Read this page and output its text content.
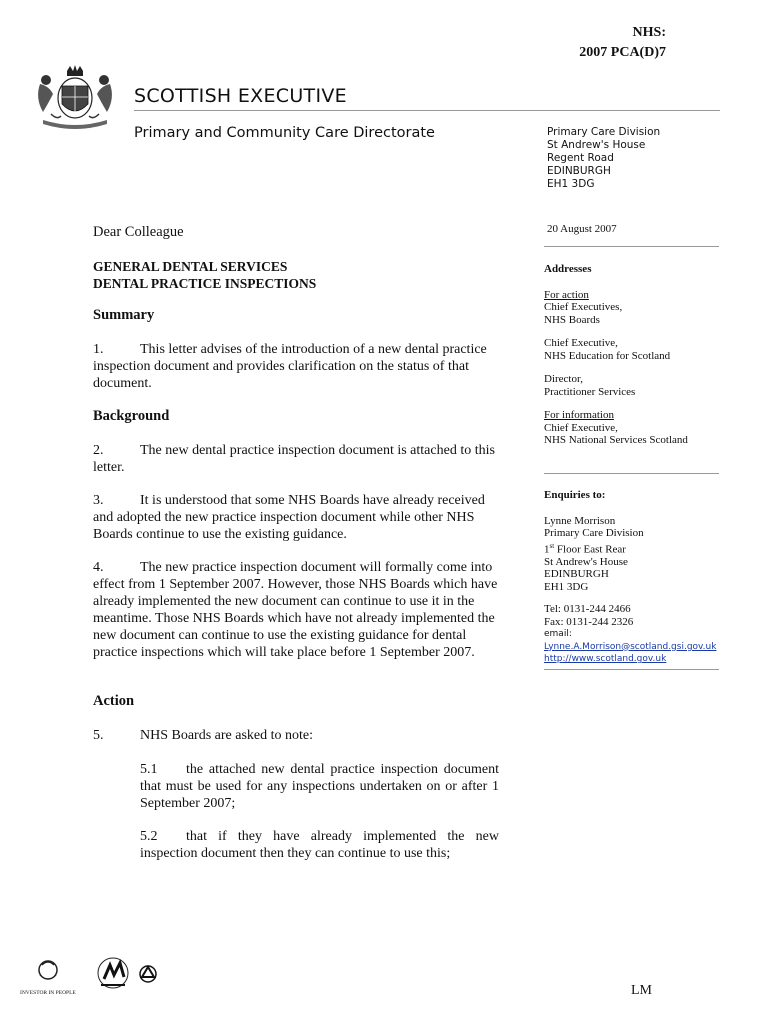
NHS:
2007 PCA(D)7
SCOTTISH EXECUTIVE
Primary and Community Care Directorate	Primary Care Division
St Andrew's House
Regent Road
EDINBURGH
EH1 3DG
Dear Colleague
GENERAL DENTAL SERVICES
DENTAL PRACTICE INSPECTIONS
Summary
1.	This letter advises of the introduction of a new dental practice inspection document and provides clarification on the status of that document.
Background
2.	The new dental practice inspection document is attached to this letter.
3.	It is understood that some NHS Boards have already received and adopted the new practice inspection document while other NHS Boards continue to use the existing guidance.
4.	The new practice inspection document will formally come into effect from 1 September 2007. However, those NHS Boards which have already implemented the new document can continue to use it in the meantime. Those NHS Boards which have not already implemented the new document can continue to use the existing guidance for dental practice inspections which will take place before 1 September 2007.
Action
5.	NHS Boards are asked to note:
5.1 the attached new dental practice inspection document that must be used for any inspections undertaken on or after 1 September 2007;
5.2 that if they have already implemented the new inspection document then they can continue to use this;
20 August 2007
Addresses
For action
Chief Executives,
NHS Boards
Chief Executive,
NHS Education for Scotland
Director,
Practitioner Services
For information
Chief Executive,
NHS National Services Scotland
Enquiries to:
Lynne Morrison
Primary Care Division
1st Floor East Rear
St Andrew's House
EDINBURGH
EH1 3DG
Tel: 0131-244 2466
Fax: 0131-244 2326
email:
Lynne.A.Morrison@scotland.gsi.gov.uk
http://www.scotland.gov.uk
INVESTOR IN PEOPLE	LM
